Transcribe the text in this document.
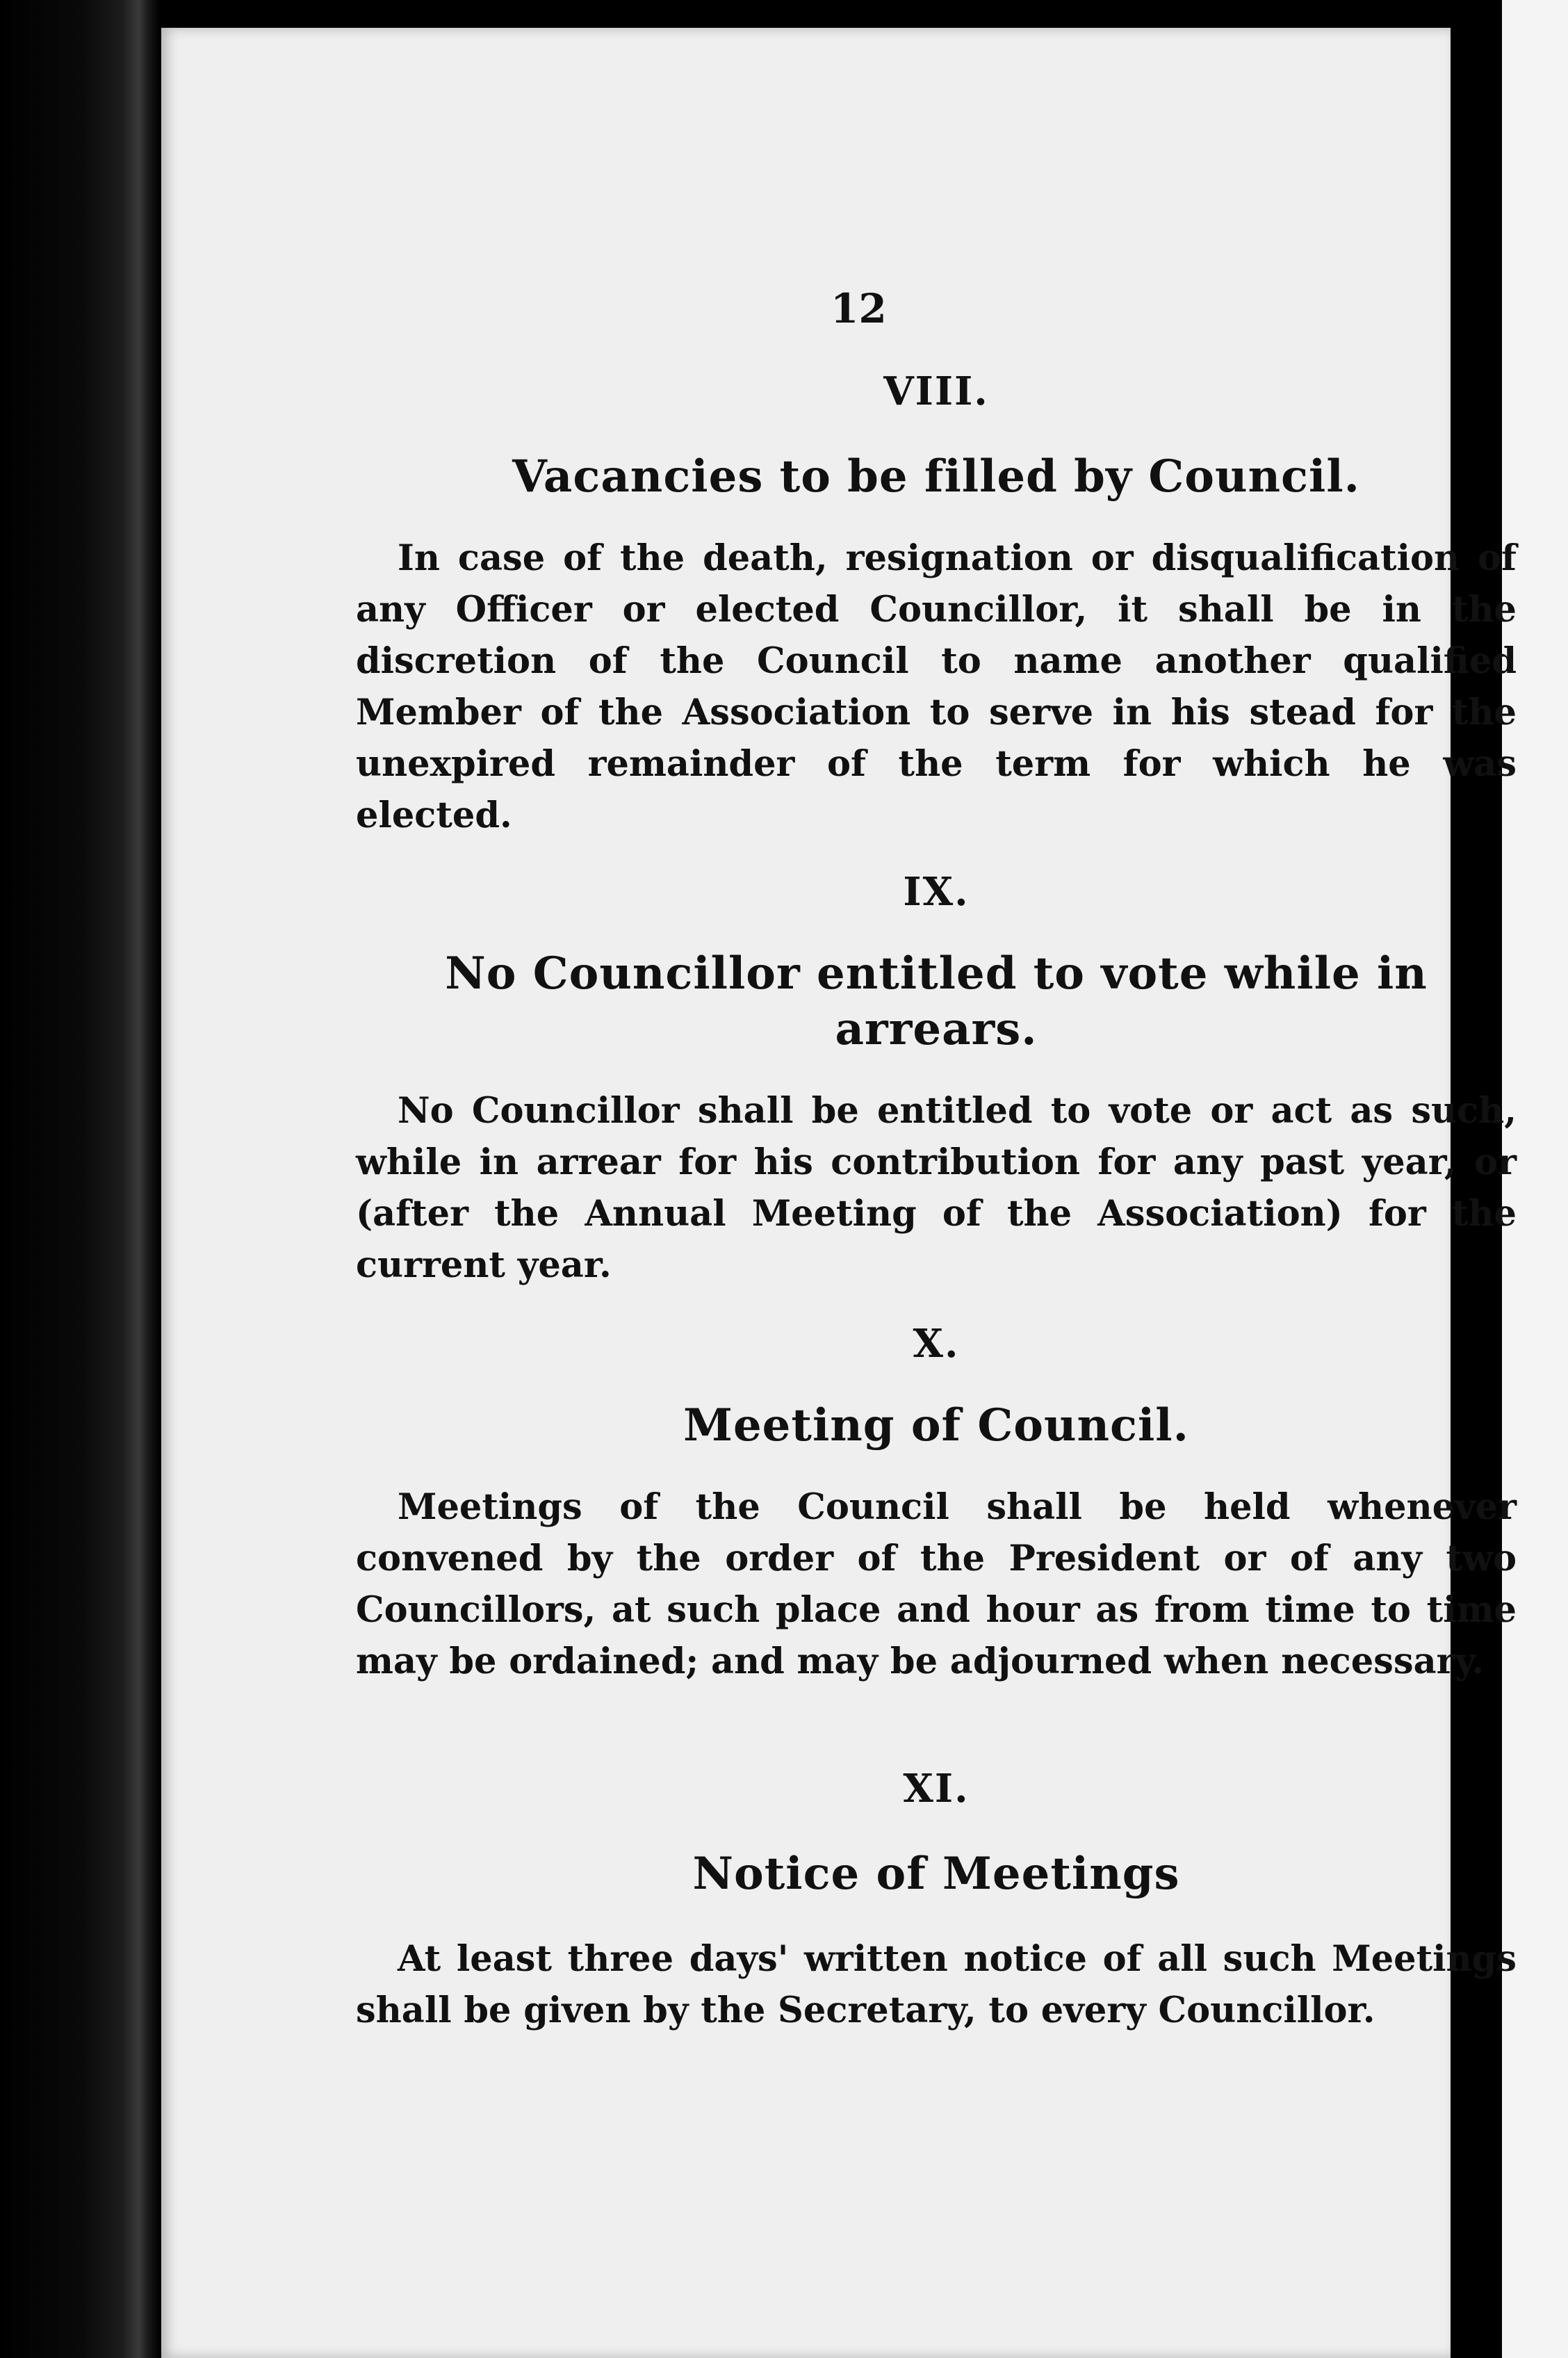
12

VIII.

Vacancies to be filled by Council.

In case of the death, resignation or disqualification of any Officer or elected Councillor, it shall be in the discretion of the Council to name another qualified Member of the Association to serve in his stead for the unexpired remainder of the term for which he was elected.

IX.

No Councillor entitled to vote while in arrears.

No Councillor shall be entitled to vote or act as such, while in arrear for his contribution for any past year, or (after the Annual Meeting of the Association) for the current year.

X.

Meeting of Council.

Meetings of the Council shall be held whenever convened by the order of the President or of any two Councillors, at such place and hour as from time to time may be ordained; and may be adjourned when necessary.

XI.

Notice of Meetings

At least three days' written notice of all such Meetings shall be given by the Secretary, to every Councillor.
